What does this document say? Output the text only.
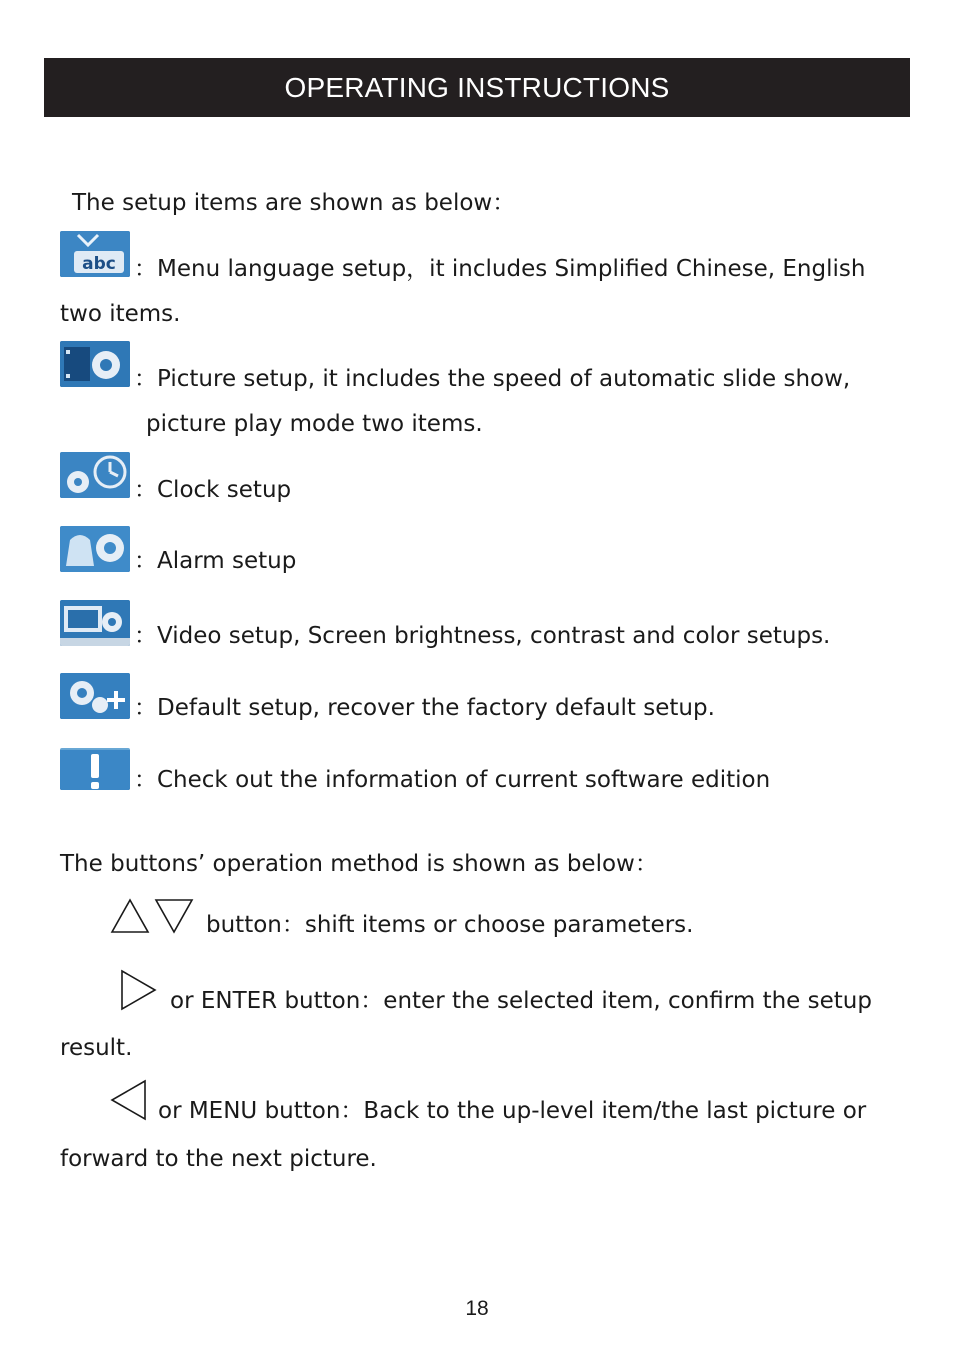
OPERATING INSTRUCTIONS
The setup items are shown as below：
abc ：Menu language setup，it includes Simplified Chinese, English
two items.
：Picture setup, it includes the speed of automatic slide show,
picture play mode two items.
：Clock setup
：Alarm setup
：Video setup, Screen brightness, contrast and color setups.
：Default setup, recover the factory default setup.
：Check out the information of current software edition
The buttons’ operation method is shown as below：
button：shift items or choose parameters.
or ENTER button：enter the selected item, confirm the setup
result.
or MENU button：Back to the up-level item/the last picture or
forward to the next picture.
18
